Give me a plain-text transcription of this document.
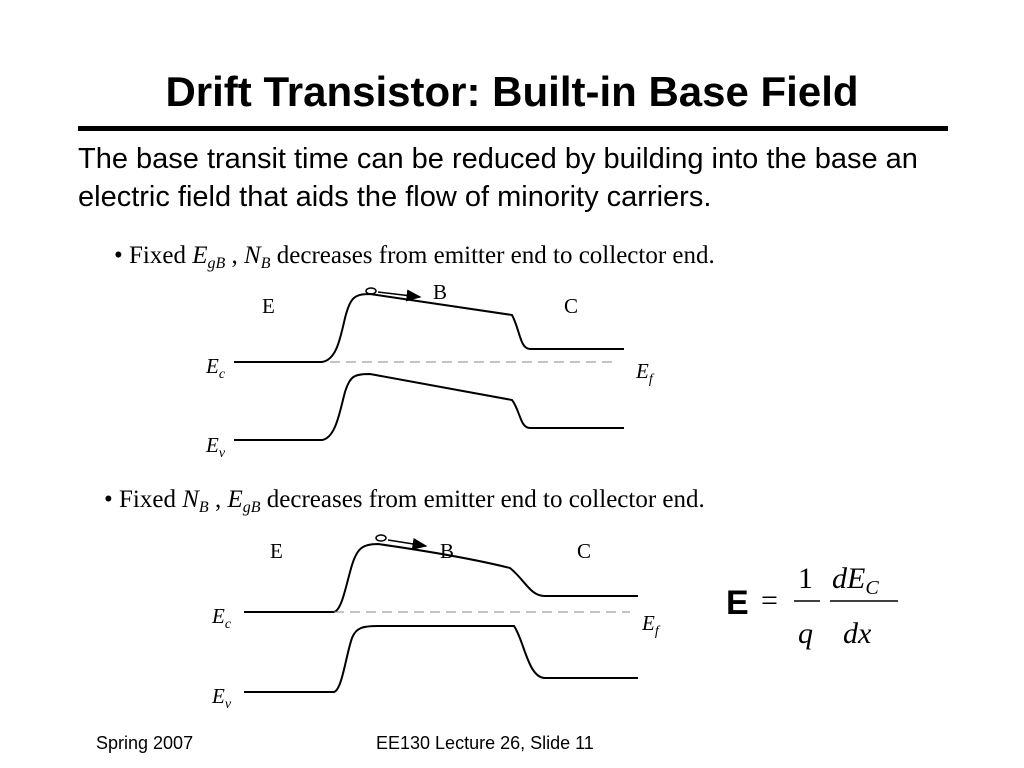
Drift Transistor: Built-in Base Field
The base transit time can be reduced by building into the base an electric field that aids the flow of minority carriers.
• Fixed $E_{gB}$ , $N_B$ decreases from emitter end to collector end.
• Fixed $N_B$ , $E_{gB}$ decreases from emitter end to collector end.
E
B
C
$E_c$
$E_v$
$E_f$
E	B	C
$E_c$
$E_v$
$E_f$
E =
1
q
$dE_C$
dx
Spring 2007	EE130 Lecture 26, Slide 11
